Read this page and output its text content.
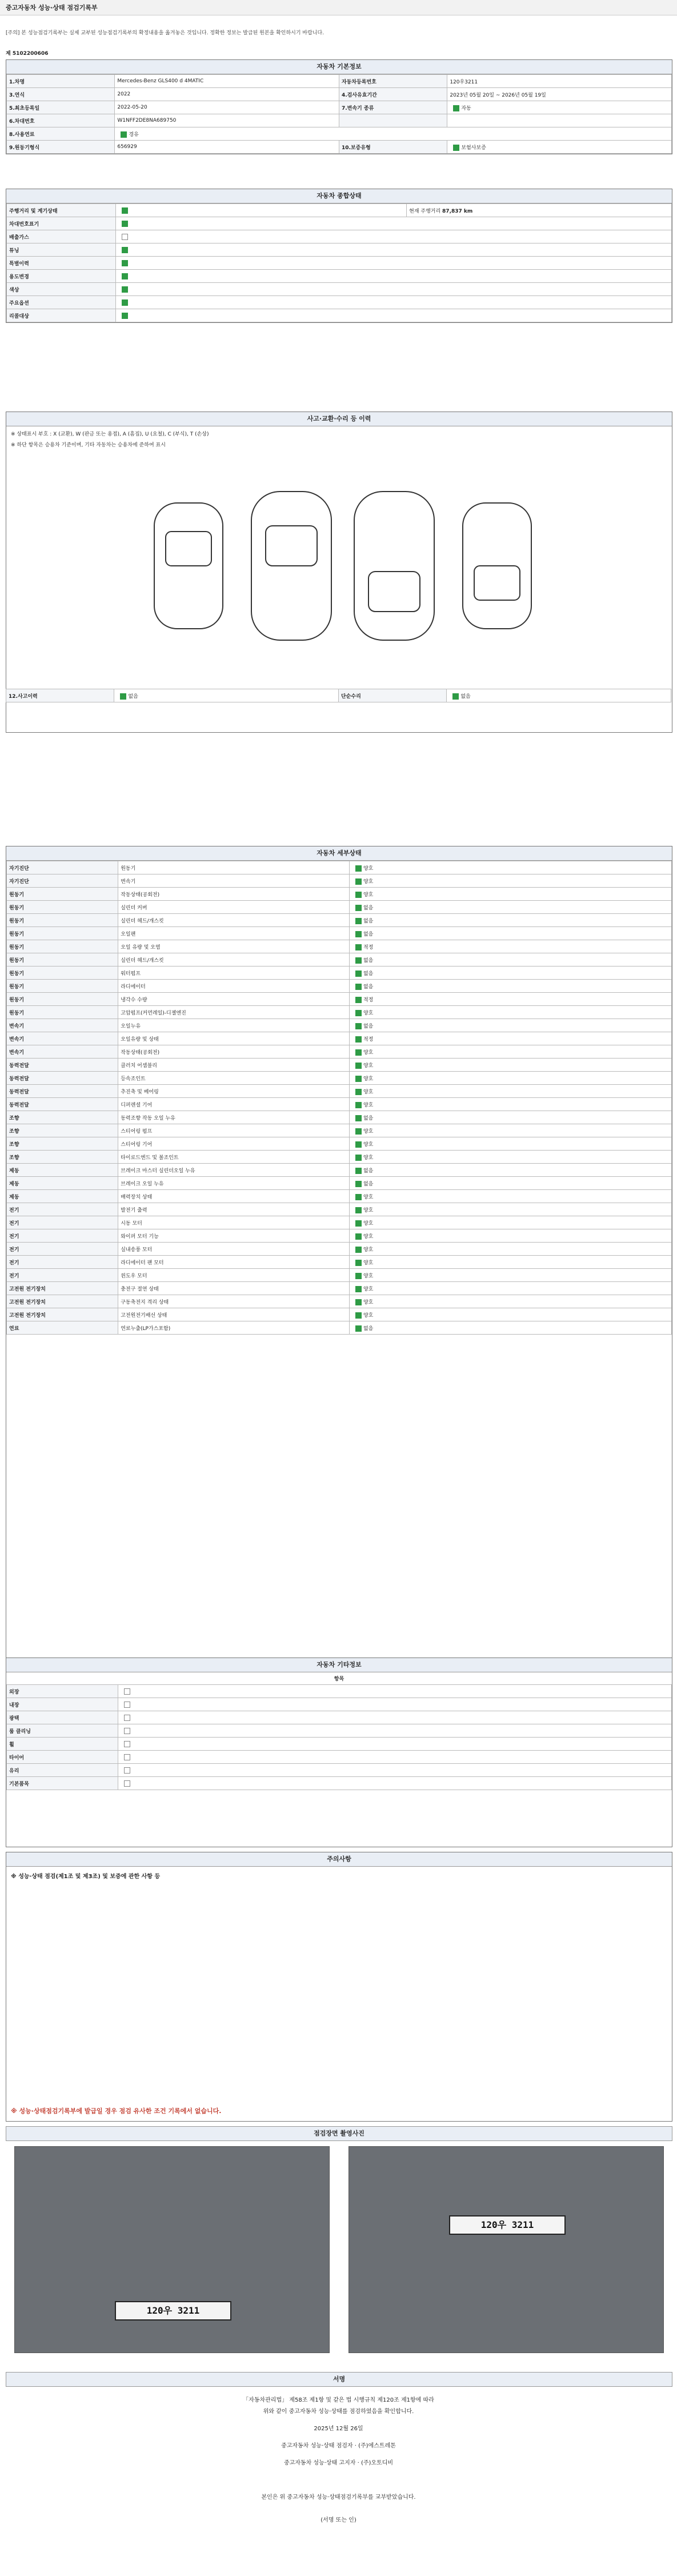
중고자동차 성능·상태 점검기록부
[주의] 본 성능점검기록부는 실제 교부된 성능점검기록부의 확정내용을 옮겨놓은 것입니다. 정확한 정보는 발급된 원본을 확인하시기 바랍니다.
제 5102200606
자동차 기본정보
1.차명	Mercedes-Benz GLS400 d 4MATIC	자동차등록번호	120우3211
3.연식	2022	4.검사유효기간	2023년 05월 20일 ~ 2026년 05월 19일
5.최초등록일	2022-05-20	7.변속기 종류	자동
6.차대번호	W1NFF2DE8NA689750		
8.사용연료	경유		
9.원동기형식	656929	10.보증유형	보험사보증
자동차 종합상태
주행거리 및 계기상태		현재 주행거리 87,837 km
차대번호표기		
배출가스		
튜닝		
특별이력		
용도변경		
색상		
주요옵션		
리콜대상		
사고·교환·수리 등 이력
※ 상태표시 부호 : X (교환), W (판금 또는 용접), A (흠집), U (요철), C (부식), T (손상)
※ 하단 항목은 승용차 기준이며, 기타 자동차는 승용차에 준하여 표시
12.사고이력	없음	단순수리	없음
자동차 세부상태
자기진단	원동기	양호
자기진단	변속기	양호
원동기	작동상태(공회전)	양호
원동기	실린더 커버	없음
원동기	실린더 헤드/개스킷	없음
원동기	오일팬	없음
원동기	오일 유량 및 오염	적정
원동기	실린더 헤드/개스킷	없음
원동기	워터펌프	없음
원동기	라디에이터	없음
원동기	냉각수 수량	적정
원동기	고압펌프(커먼레일)-디젤엔진	양호
변속기	오일누유	없음
변속기	오일유량 및 상태	적정
변속기	작동상태(공회전)	양호
동력전달	클러치 어셈블리	양호
동력전달	등속조인트	양호
동력전달	추진축 및 베어링	양호
동력전달	디퍼렌셜 기어	양호
조향	동력조향 작동 오일 누유	없음
조향	스티어링 펌프	양호
조향	스티어링 기어	양호
조향	타이로드엔드 및 볼조인트	양호
제동	브레이크 마스터 실린더오일 누유	없음
제동	브레이크 오일 누유	없음
제동	배력장치 상태	양호
전기	발전기 출력	양호
전기	시동 모터	양호
전기	와이퍼 모터 기능	양호
전기	실내송풍 모터	양호
전기	라디에이터 팬 모터	양호
전기	윈도우 모터	양호
고전원 전기장치	충전구 절연 상태	양호
고전원 전기장치	구동축전지 격리 상태	양호
고전원 전기장치	고전원전기배선 상태	양호
연료	연료누출(LP가스포함)	없음
자동차 기타정보
항목
외장	
내장	
광택	
룸 클리닝	
휠	
타이어	
유리	
기본품목	
주의사항
※ 성능·상태 점검(제1조 및 제3조) 및 보증에 관한 사항 등
※ 성능·상태점검기록부에 발급일 경우 점검 유사한 조건 기록에서 없습니다.
점검장면 촬영사진
120우 3211
120우 3211
서명
「자동차관리법」 제58조 제1항 및 같은 법 시행규칙 제120조 제1항에 따라
위와 같이 중고자동차 성능·상태를 점검하였음을 확인합니다.
2025년 12월 26일
중고자동차 성능·상태 점검자 · (주)에스트레톤
중고자동차 성능·상태 고지자 · (주)오토디비
본인은 위 중고자동차 성능·상태점검기록부를 교부받았습니다.
(서명 또는 인)
